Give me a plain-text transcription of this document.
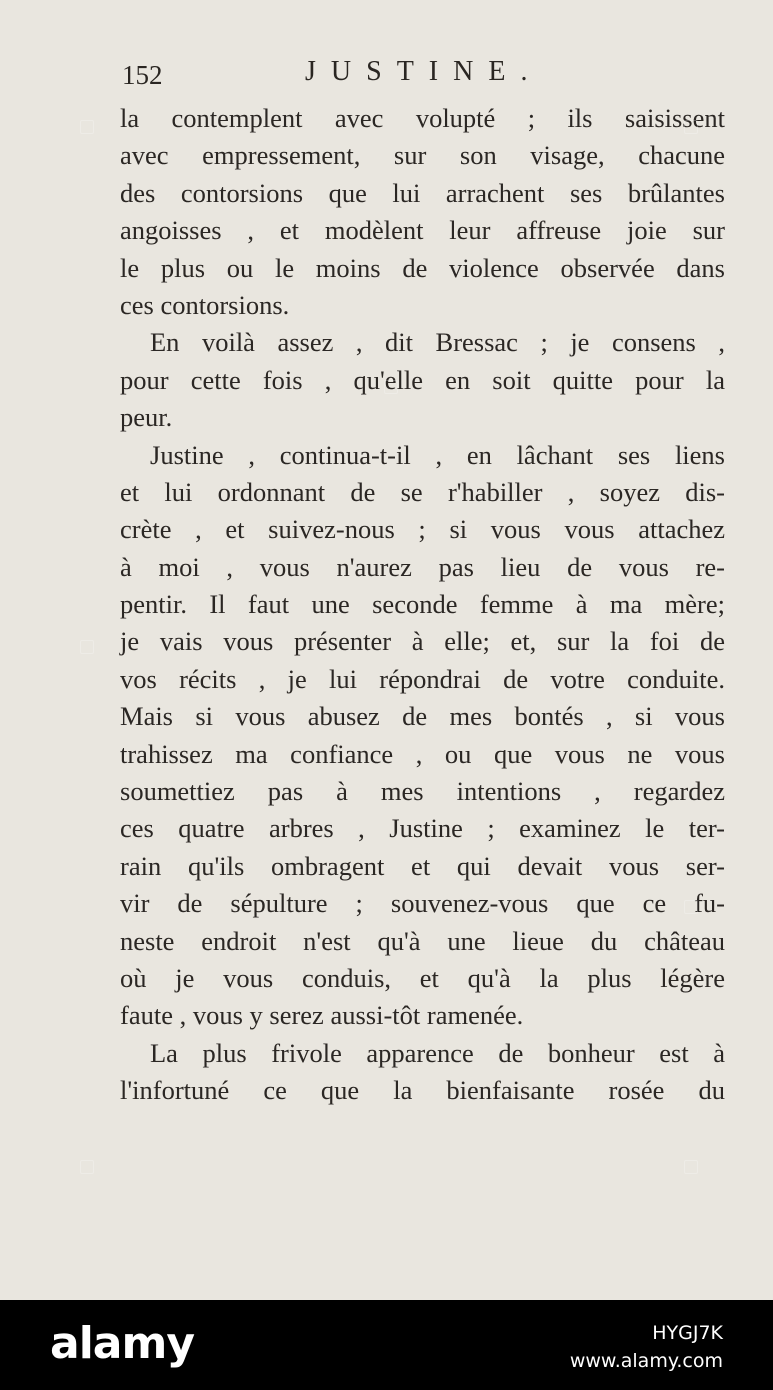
152	JUSTINE.
la contemplent avec volupté ; ils saisissent
avec empressement, sur son visage, chacune
des contorsions que lui arrachent ses brûlantes
angoisses , et modèlent leur affreuse joie sur
le plus ou le moins de violence observée dans
ces contorsions.
En voilà assez , dit Bressac ; je consens ,
pour cette fois , qu'elle en soit quitte pour la
peur.
Justine , continua-t-il , en lâchant ses liens
et lui ordonnant de se r'habiller , soyez dis-
crète , et suivez-nous ; si vous vous attachez
à moi , vous n'aurez pas lieu de vous re-
pentir. Il faut une seconde femme à ma mère;
je vais vous présenter à elle; et, sur la foi de
vos récits , je lui répondrai de votre conduite.
Mais si vous abusez de mes bontés , si vous
trahissez ma confiance , ou que vous ne vous
soumettiez pas à mes intentions , regardez
ces quatre arbres , Justine ; examinez le ter-
rain qu'ils ombragent et qui devait vous ser-
vir de sépulture ; souvenez-vous que ce fu-
neste endroit n'est qu'à une lieue du château
où je vous conduis, et qu'à la plus légère
faute , vous y serez aussi-tôt ramenée.
La plus frivole apparence de bonheur est à
l'infortuné ce que la bienfaisante rosée du
alamy	HYGJ7K
www.alamy.com
